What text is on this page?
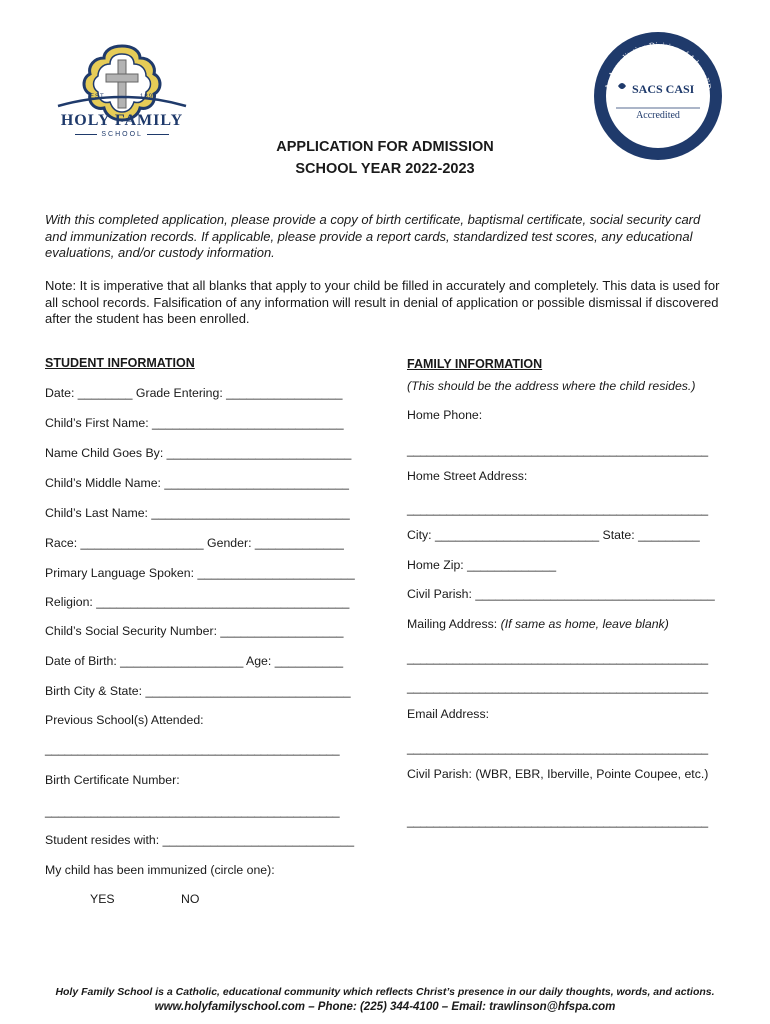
EST.	1899
HOLY FAMILY
SCHOOL
An Accreditation Division of AdvancED
SACS CASI
Accredited
APPLICATION FOR ADMISSION
SCHOOL YEAR 2022-2023

With this completed application, please provide a copy of birth certificate, baptismal certificate, social security card and immunization records. If applicable, please provide a report cards, standardized test scores, any educational evaluations, and/or custody information.

Note: It is imperative that all blanks that apply to your child be filled in accurately and completely. This data is used for all school records. Falsification of any information will result in denial of application or possible dismissal if discovered after the student has been enrolled.

STUDENT INFORMATION
Date: ________ Grade Entering: _________________
Child’s First Name: ____________________________
Name Child Goes By: ___________________________
Child’s Middle Name: ___________________________
Child’s Last Name: _____________________________
Race: __________________ Gender: _____________
Primary Language Spoken: _______________________
Religion: _____________________________________
Child’s Social Security Number: __________________
Date of Birth: __________________ Age: __________
Birth City & State: ______________________________
Previous School(s) Attended:
_____________________________________________
Birth Certificate Number:
_____________________________________________
Student resides with: ____________________________
My child has been immunized (circle one):
YES	NO
FAMILY INFORMATION
(This should be the address where the child resides.)
Home Phone:
______________________________________________
Home Street Address:
______________________________________________
City: ________________________ State: _________
Home Zip: _____________
Civil Parish: ___________________________________
Mailing Address: (If same as home, leave blank)
______________________________________________
______________________________________________
Email Address:
______________________________________________
Civil Parish: (WBR, EBR, Iberville, Pointe Coupee, etc.)
______________________________________________
Holy Family School is a Catholic, educational community which reflects Christ’s presence in our daily thoughts, words, and actions.
www.holyfamilyschool.com – Phone: (225) 344-4100 – Email: trawlinson@hfspa.com
